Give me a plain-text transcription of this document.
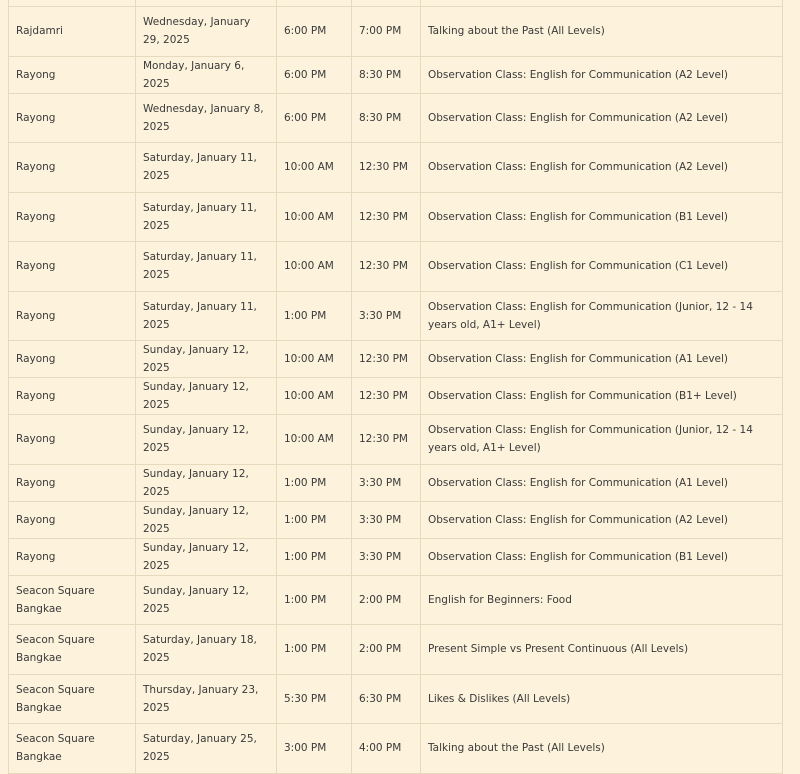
Rajdamri	Wednesday, January 29, 2025	6:00 PM	7:00 PM	Talking about the Past (All Levels)
Rayong	Monday, January 6, 2025	6:00 PM	8:30 PM	Observation Class: English for Communication (A2 Level)
Rayong	Wednesday, January 8, 2025	6:00 PM	8:30 PM	Observation Class: English for Communication (A2 Level)
Rayong	Saturday, January 11, 2025	10:00 AM	12:30 PM	Observation Class: English for Communication (A2 Level)
Rayong	Saturday, January 11, 2025	10:00 AM	12:30 PM	Observation Class: English for Communication (B1 Level)
Rayong	Saturday, January 11, 2025	10:00 AM	12:30 PM	Observation Class: English for Communication (C1 Level)
Rayong	Saturday, January 11, 2025	1:00 PM	3:30 PM	Observation Class: English for Communication (Junior, 12 - 14 years old, A1+ Level)
Rayong	Sunday, January 12, 2025	10:00 AM	12:30 PM	Observation Class: English for Communication (A1 Level)
Rayong	Sunday, January 12, 2025	10:00 AM	12:30 PM	Observation Class: English for Communication (B1+ Level)
Rayong	Sunday, January 12, 2025	10:00 AM	12:30 PM	Observation Class: English for Communication (Junior, 12 - 14 years old, A1+ Level)
Rayong	Sunday, January 12, 2025	1:00 PM	3:30 PM	Observation Class: English for Communication (A1 Level)
Rayong	Sunday, January 12, 2025	1:00 PM	3:30 PM	Observation Class: English for Communication (A2 Level)
Rayong	Sunday, January 12, 2025	1:00 PM	3:30 PM	Observation Class: English for Communication (B1 Level)
Seacon Square Bangkae	Sunday, January 12, 2025	1:00 PM	2:00 PM	English for Beginners: Food
Seacon Square Bangkae	Saturday, January 18, 2025	1:00 PM	2:00 PM	Present Simple vs Present Continuous (All Levels)
Seacon Square Bangkae	Thursday, January 23, 2025	5:30 PM	6:30 PM	Likes & Dislikes (All Levels)
Seacon Square Bangkae	Saturday, January 25, 2025	3:00 PM	4:00 PM	Talking about the Past (All Levels)
